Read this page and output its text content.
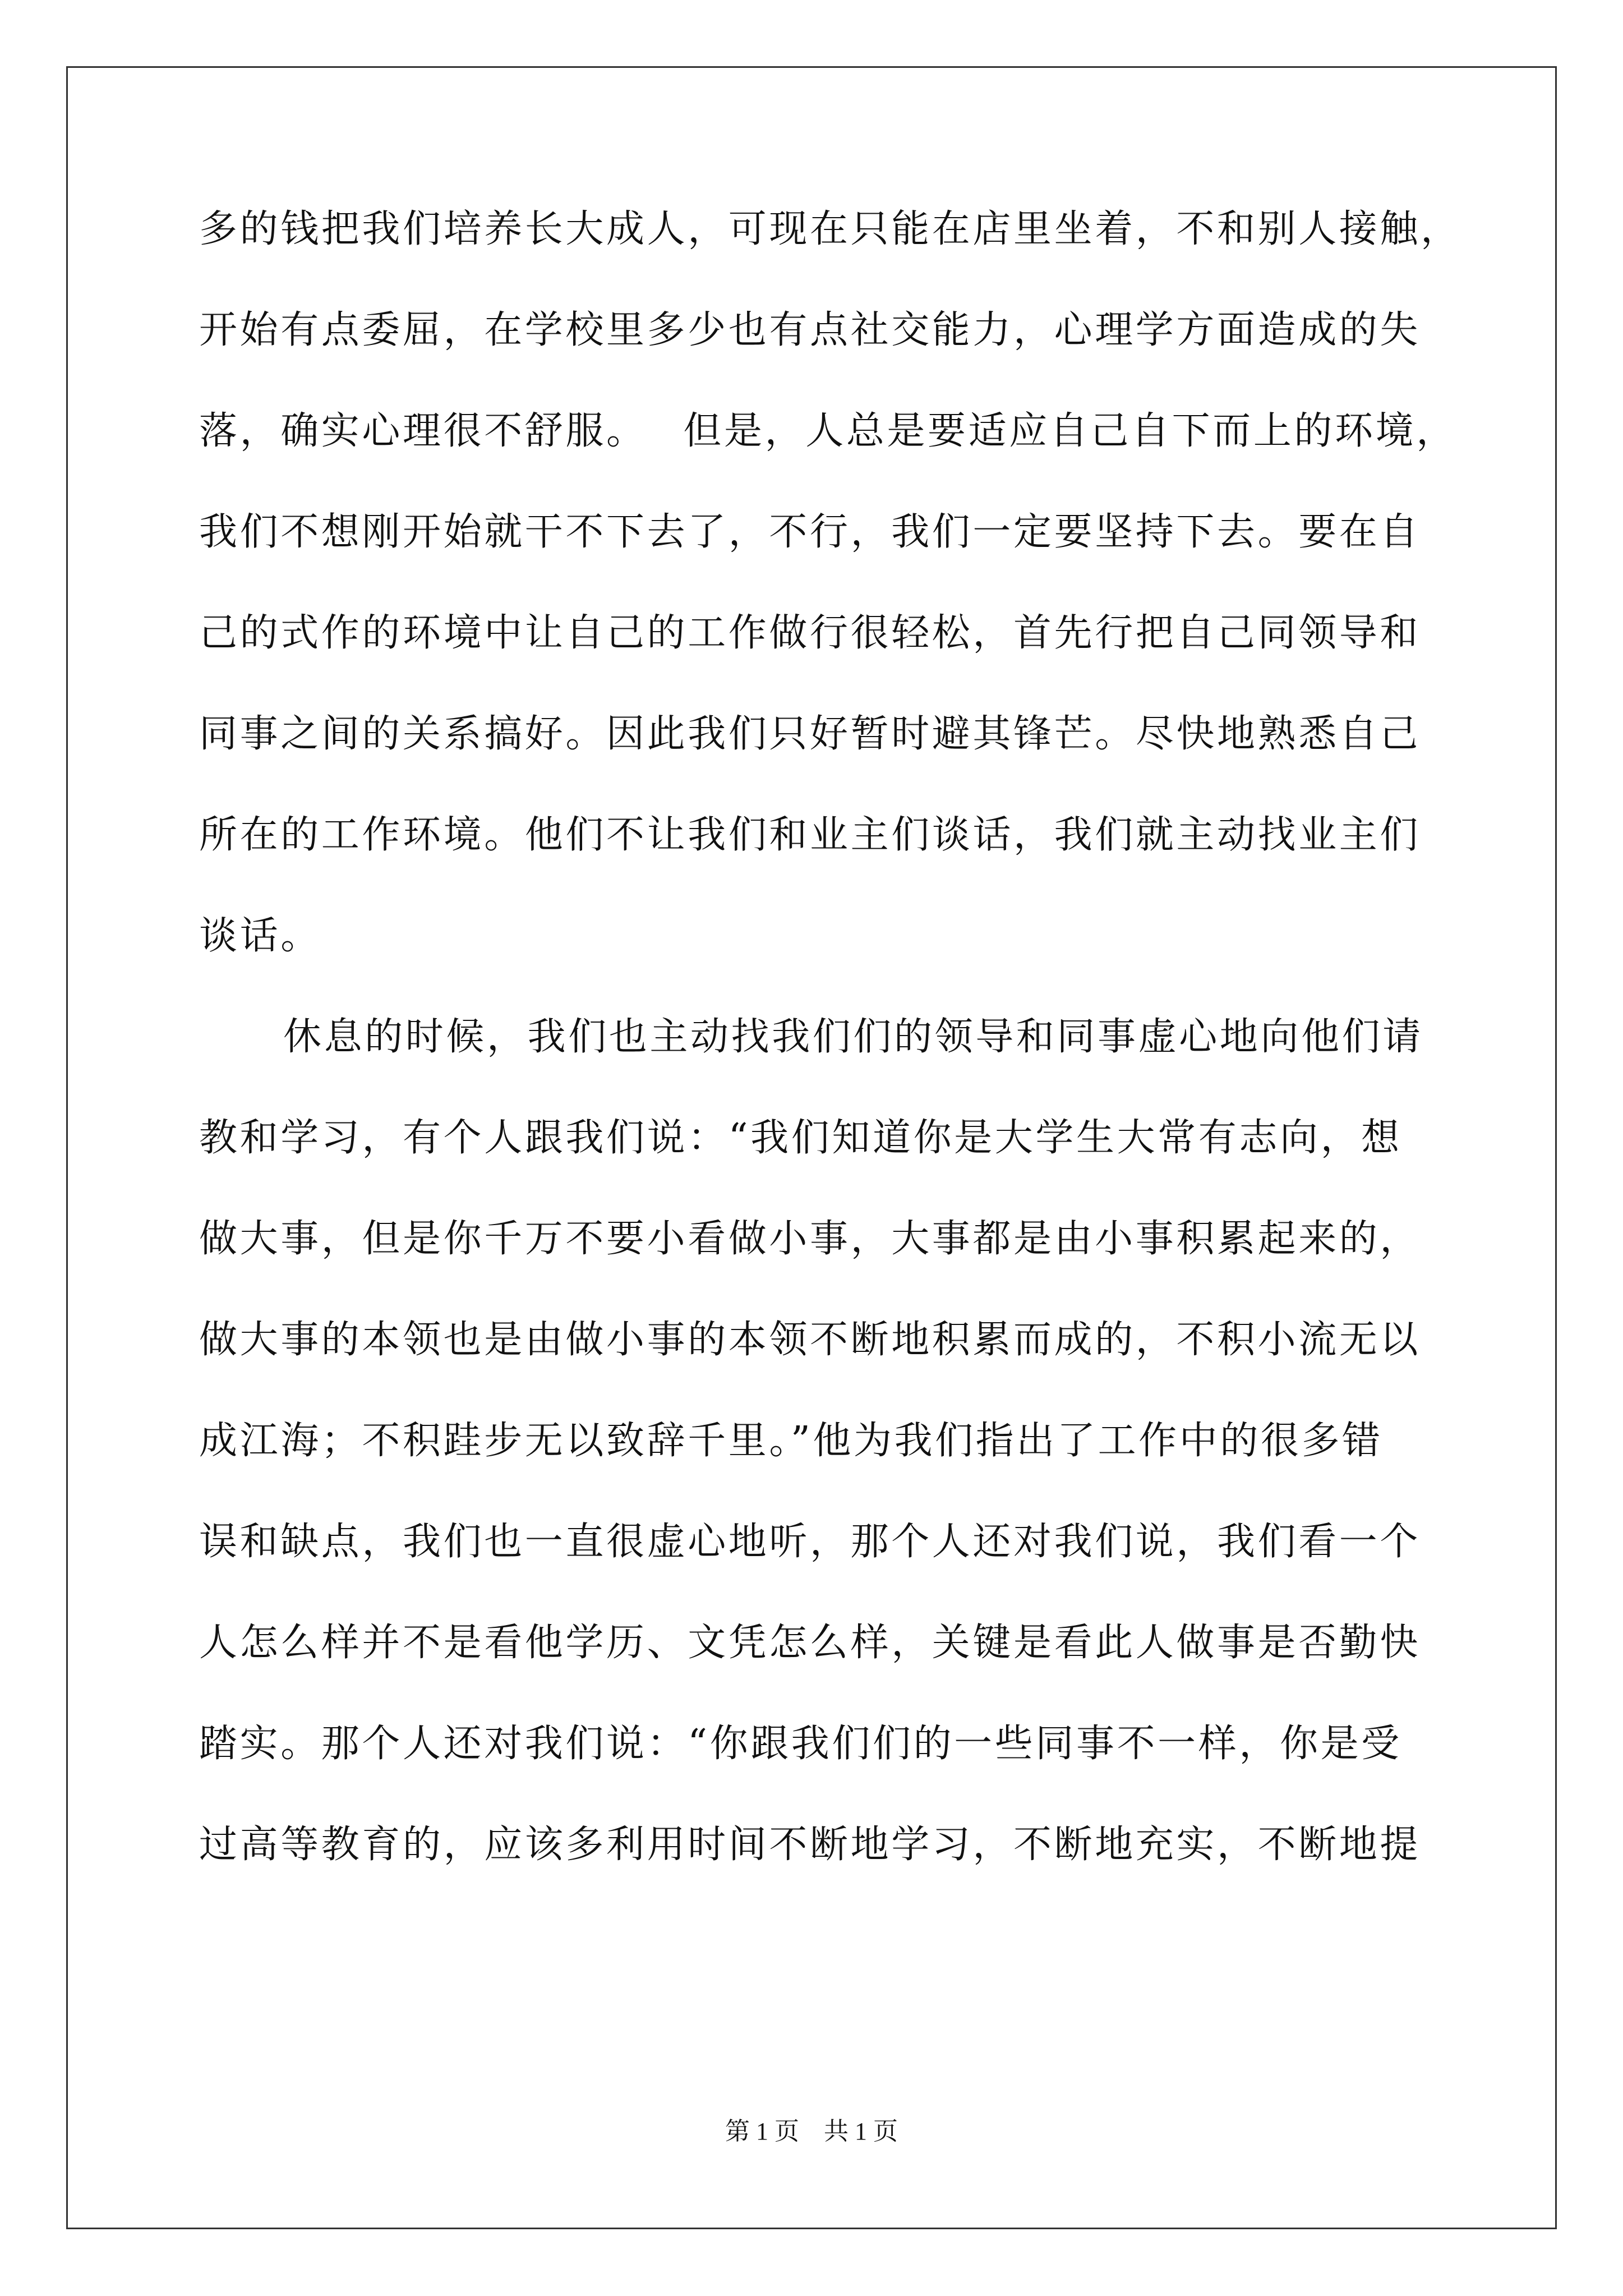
多的钱把我们培养长大成人，可现在只能在店里坐着，不和别人接触，
开始有点委屈，在学校里多少也有点社交能力，心理学方面造成的失
落，确实心理很不舒服。　 但是，人总是要适应自己自下而上的环境，
我们不想刚开始就干不下去了，不行，我们一定要坚持下去。要在自
己的式作的环境中让自己的工作做行很轻松，首先行把自己同领导和
同事之间的关系搞好。因此我们只好暂时避其锋芒。尽快地熟悉自己
所在的工作环境。他们不让我们和业主们谈话，我们就主动找业主们
谈话。
休息的时候，我们也主动找我们们的领导和同事虚心地向他们请
教和学习，有个人跟我们说：“我们知道你是大学生大常有志向，想
做大事，但是你千万不要小看做小事，大事都是由小事积累起来的，
做大事的本领也是由做小事的本领不断地积累而成的，不积小流无以
成江海；不积跬步无以致辞千里。”他为我们指出了工作中的很多错
误和缺点，我们也一直很虚心地听，那个人还对我们说，我们看一个
人怎么样并不是看他学历、文凭怎么样，关键是看此人做事是否勤快
踏实。那个人还对我们说：“你跟我们们的一些同事不一样，你是受
过高等教育的，应该多利用时间不断地学习，不断地充实，不断地提
第 1 页 共 1 页
